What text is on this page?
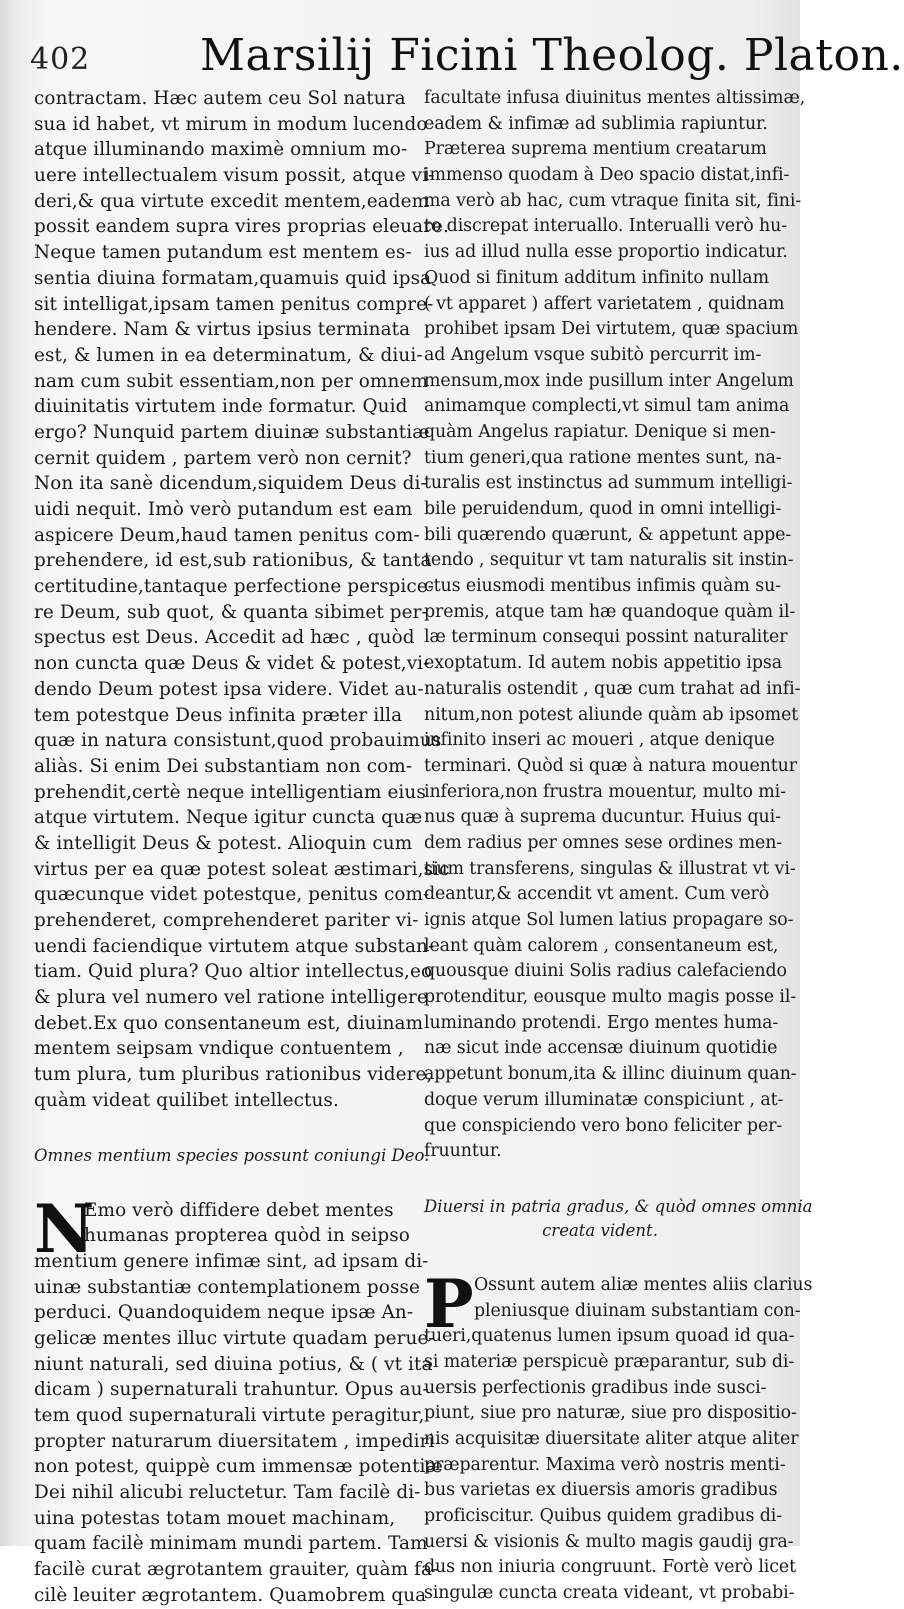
402 Marsilij Ficini Theolog. Platon.
contractam. Hæc autem ceu Sol natura
sua id habet, vt mirum in modum lucendo
atque illuminando maximè omnium mo-
uere intellectualem visum possit, atque vi-
deri,& qua virtute excedit mentem,eadem
possit eandem supra vires proprias eleuare.
Neque tamen putandum est mentem es-
sentia diuina formatam,quamuis quid ipsa
sit intelligat,ipsam tamen penitus compre-
hendere. Nam & virtus ipsius terminata
est, & lumen in ea determinatum, & diui-
nam cum subit essentiam,non per omnem
diuinitatis virtutem inde formatur. Quid
ergo? Nunquid partem diuinæ substantiæ
cernit quidem , partem verò non cernit?
Non ita sanè dicendum,siquidem Deus di-
uidi nequit. Imò verò putandum est eam
aspicere Deum,haud tamen penitus com-
prehendere, id est,sub rationibus, & tanta
certitudine,tantaque perfectione perspice-
re Deum, sub quot, & quanta sibimet per-
spectus est Deus. Accedit ad hæc , quòd
non cuncta quæ Deus & videt & potest,vi-
dendo Deum potest ipsa videre. Videt au-
tem potestque Deus infinita præter illa
quæ in natura consistunt,quod probauimus
aliàs. Si enim Dei substantiam non com-
prehendit,certè neque intelligentiam eius
atque virtutem. Neque igitur cuncta quæ
& intelligit Deus & potest. Alioquin cum
virtus per ea quæ potest soleat æstimari,sic
quæcunque videt potestque, penitus com-
prehenderet, comprehenderet pariter vi-
uendi faciendique virtutem atque substan-
tiam. Quid plura? Quo altior intellectus,eo
& plura vel numero vel ratione intelligere
debet.Ex quo consentaneum est, diuinam
mentem seipsam vndique contuentem ,
tum plura, tum pluribus rationibus videre,
quàm videat quilibet intellectus.
Omnes mentium species possunt coniungi Deo.
N
Emo verò diffidere debet mentes
humanas propterea quòd in seipso
mentium genere infimæ sint, ad ipsam di-
uinæ substantiæ contemplationem posse
perduci. Quandoquidem neque ipsæ An-
gelicæ mentes illuc virtute quadam perue-
niunt naturali, sed diuina potius, & ( vt ita
dicam ) supernaturali trahuntur. Opus au-
tem quod supernaturali virtute peragitur,
propter naturarum diuersitatem , impediri
non potest, quippè cum immensæ potentiæ
Dei nihil alicubi reluctetur. Tam facilè di-
uina potestas totam mouet machinam,
quam facilè minimam mundi partem. Tam
facilè curat ægrotantem grauiter, quàm fa-
cilè leuiter ægrotantem. Quamobrem qua
facultate infusa diuinitus mentes altissimæ,
eadem & infimæ ad sublimia rapiuntur.
Præterea suprema mentium creatarum
immenso quodam à Deo spacio distat,infi-
ma verò ab hac, cum vtraque finita sit, fini-
to discrepat interuallo. Interualli verò hu-
ius ad illud nulla esse proportio indicatur.
Quod si finitum additum infinito nullam
( vt apparet ) affert varietatem , quidnam
prohibet ipsam Dei virtutem, quæ spacium
ad Angelum vsque subitò percurrit im-
mensum,mox inde pusillum inter Angelum
animamque complecti,vt simul tam anima
quàm Angelus rapiatur. Denique si men-
tium generi,qua ratione mentes sunt, na-
turalis est instinctus ad summum intelligi-
bile peruidendum, quod in omni intelligi-
bili quærendo quærunt, & appetunt appe-
tendo , sequitur vt tam naturalis sit instin-
ctus eiusmodi mentibus infimis quàm su-
premis, atque tam hæ quandoque quàm il-
læ terminum consequi possint naturaliter
exoptatum. Id autem nobis appetitio ipsa
naturalis ostendit , quæ cum trahat ad infi-
nitum,non potest aliunde quàm ab ipsomet
infinito inseri ac moueri , atque denique
terminari. Quòd si quæ à natura mouentur
inferiora,non frustra mouentur, multo mi-
nus quæ à suprema ducuntur. Huius qui-
dem radius per omnes sese ordines men-
tium transferens, singulas & illustrat vt vi-
deantur,& accendit vt ament. Cum verò
ignis atque Sol lumen latius propagare so-
leant quàm calorem , consentaneum est,
quousque diuini Solis radius calefaciendo
protenditur, eousque multo magis posse il-
luminando protendi. Ergo mentes huma-
næ sicut inde accensæ diuinum quotidie
appetunt bonum,ita & illinc diuinum quan-
doque verum illuminatæ conspiciunt , at-
que conspiciendo vero bono feliciter per-
fruuntur.
Diuersi in patria gradus, & quòd omnes omnia
creata vident.
P Ossunt autem aliæ mentes aliis clarius
pleniusque diuinam substantiam con-
tueri,quatenus lumen ipsum quoad id qua-
si materiæ perspicuè præparantur, sub di-
uersis perfectionis gradibus inde susci-
piunt, siue pro naturæ, siue pro dispositio-
nis acquisitæ diuersitate aliter atque aliter
præparentur. Maxima verò nostris menti-
bus varietas ex diuersis amoris gradibus
proficiscitur. Quibus quidem gradibus di-
uersi & visionis & multo magis gaudij gra-
dus non iniuria congruunt. Fortè verò licet
singulæ cuncta creata videant, vt probabi-
